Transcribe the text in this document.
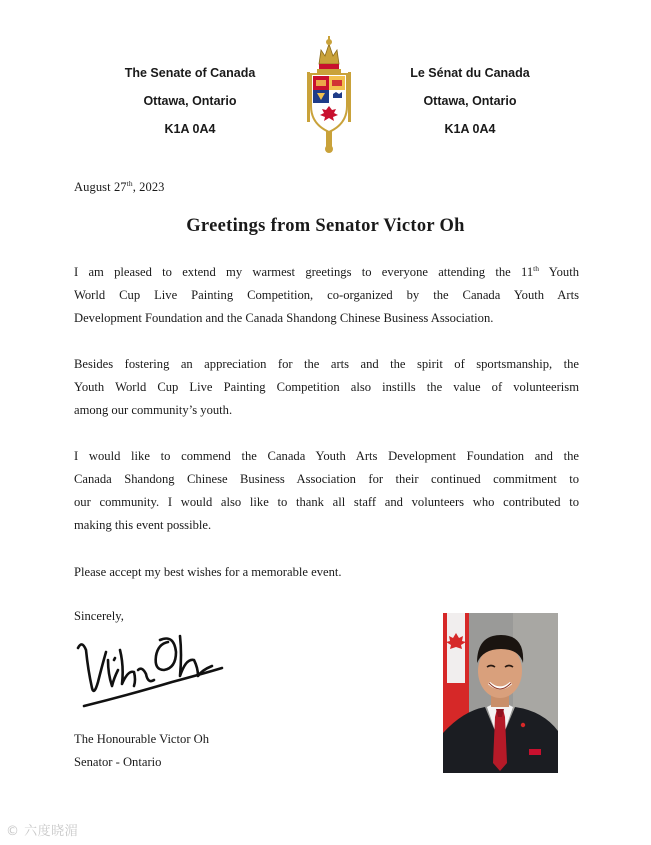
The Senate of Canada
Ottawa, Ontario
K1A 0A4
Le Sénat du Canada
Ottawa, Ontario
K1A 0A4
August 27th, 2023
Greetings from Senator Victor Oh
I am pleased to extend my warmest greetings to everyone attending the 11th Youth
World Cup Live Painting Competition, co-organized by the Canada Youth Arts
Development Foundation and the Canada Shandong Chinese Business Association.
Besides fostering an appreciation for the arts and the spirit of sportsmanship, the
Youth World Cup Live Painting Competition also instills the value of volunteerism
among our community’s youth.
I would like to commend the Canada Youth Arts Development Foundation and the
Canada Shandong Chinese Business Association for their continued commitment to
our community. I would also like to thank all staff and volunteers who contributed to
making this event possible.
Please accept my best wishes for a memorable event.
Sincerely,
The Honourable Victor Oh
Senator - Ontario
© 六度晓湄
